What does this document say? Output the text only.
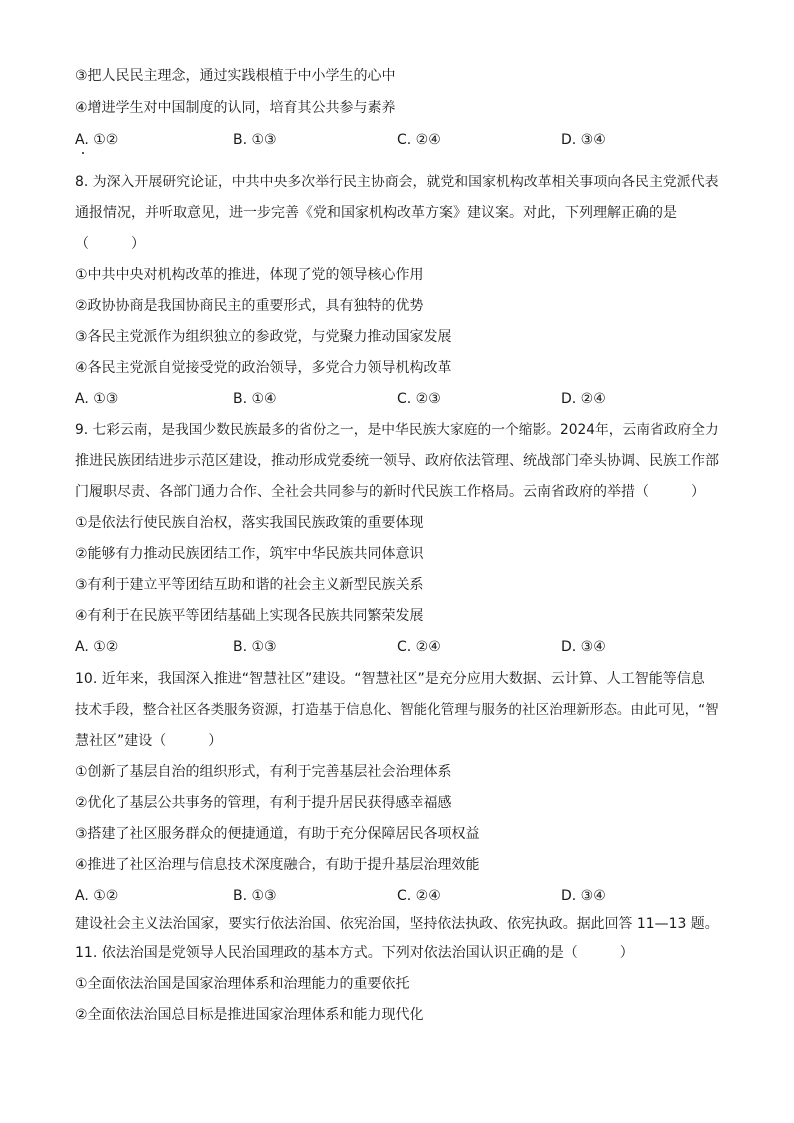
③把人民民主理念，通过实践根植于中小学生的心中
④增进学生对中国制度的认同，培育其公共参与素养
A. ①②	B. ①③	C. ②④	D. ③④
8. 为深入开展研究论证，中共中央多次举行民主协商会，就党和国家机构改革相关事项向各民主党派代表
通报情况，并听取意见，进一步完善《党和国家机构改革方案》建议案。对此，下列理解正确的是
（　　　）
①中共中央对机构改革的推进，体现了党的领导核心作用
②政协协商是我国协商民主的重要形式，具有独特的优势
③各民主党派作为组织独立的参政党，与党聚力推动国家发展
④各民主党派自觉接受党的政治领导，多党合力领导机构改革
A. ①③	B. ①④	C. ②③	D. ②④
9. 七彩云南，是我国少数民族最多的省份之一，是中华民族大家庭的一个缩影。2024年，云南省政府全力
推进民族团结进步示范区建设，推动形成党委统一领导、政府依法管理、统战部门牵头协调、民族工作部
门履职尽责、各部门通力合作、全社会共同参与的新时代民族工作格局。云南省政府的举措（　　　）
①是依法行使民族自治权，落实我国民族政策的重要体现
②能够有力推动民族团结工作，筑牢中华民族共同体意识
③有利于建立平等团结互助和谐的社会主义新型民族关系
④有利于在民族平等团结基础上实现各民族共同繁荣发展
A. ①②	B. ①③	C. ②④	D. ③④
10. 近年来，我国深入推进“智慧社区”建设。“智慧社区”是充分应用大数据、云计算、人工智能等信息
技术手段，整合社区各类服务资源，打造基于信息化、智能化管理与服务的社区治理新形态。由此可见，“智
慧社区”建设（　　　）
①创新了基层自治的组织形式，有利于完善基层社会治理体系
②优化了基层公共事务的管理，有利于提升居民获得感幸福感
③搭建了社区服务群众的便捷通道，有助于充分保障居民各项权益
④推进了社区治理与信息技术深度融合，有助于提升基层治理效能
A. ①②	B. ①③	C. ②④	D. ③④
建设社会主义法治国家，要实行依法治国、依宪治国，坚持依法执政、依宪执政。据此回答 11—13 题。
11. 依法治国是党领导人民治国理政的基本方式。下列对依法治国认识正确的是（　　　）
①全面依法治国是国家治理体系和治理能力的重要依托
②全面依法治国总目标是推进国家治理体系和能力现代化
